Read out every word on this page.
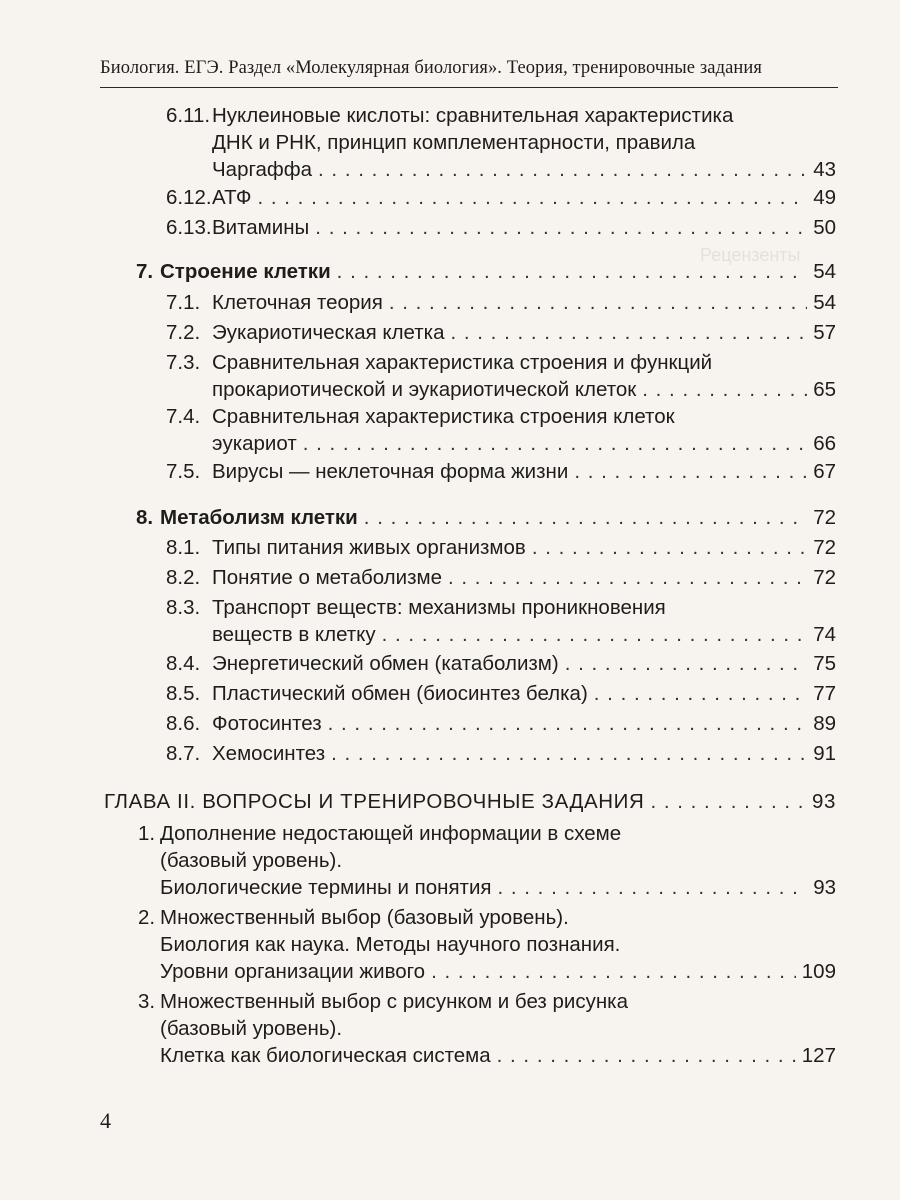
Биология. ЕГЭ. Раздел «Молекулярная биология». Теория, тренировочные задания
Рецензенты
6.11. Нуклеиновые кислоты: сравнительная характеристика
ДНК и РНК, принцип комплементарности, правила
Чаргаффа . . .	43
6.12. АТФ . . .	49
6.13. Витамины . . .	50
7. Строение клетки . . .	54
7.1. Клеточная теория . . .	54
7.2. Эукариотическая клетка . . .	57
7.3. Сравнительная характеристика строения и функций
прокариотической и эукариотической клеток . . .	65
7.4. Сравнительная характеристика строения клеток
эукариот . . .	66
7.5. Вирусы — неклеточная форма жизни . . .	67
8. Метаболизм клетки . . .	72
8.1. Типы питания живых организмов . . .	72
8.2. Понятие о метаболизме . . .	72
8.3. Транспорт веществ: механизмы проникновения
веществ в клетку . . .	74
8.4. Энергетический обмен (катаболизм) . . .	75
8.5. Пластический обмен (биосинтез белка) . . .	77
8.6. Фотосинтез . . .	89
8.7. Хемосинтез . . .	91
ГЛАВА II. ВОПРОСЫ И ТРЕНИРОВОЧНЫЕ ЗАДАНИЯ . . .	93
1. Дополнение недостающей информации в схеме
(базовый уровень).
Биологические термины и понятия . . .	93
2. Множественный выбор (базовый уровень).
Биология как наука. Методы научного познания.
Уровни организации живого . . .	109
3. Множественный выбор с рисунком и без рисунка
(базовый уровень).
Клетка как биологическая система . . .	127
4
